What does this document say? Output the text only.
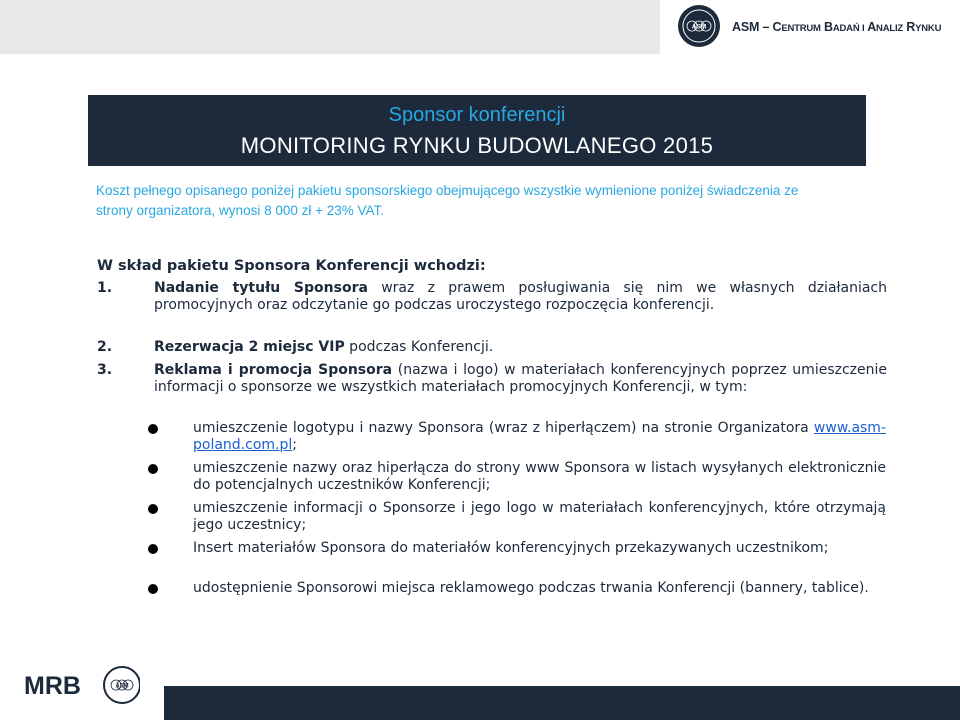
ASM ASM – CENTRUM BADAŃ I ANALIZ RYNKU
Sponsor konferencji
MONITORING RYNKU BUDOWLANEGO 2015
Koszt pełnego opisanego poniżej pakietu sponsorskiego obejmującego wszystkie wymienione poniżej świadczenia ze strony organizatora, wynosi 8 000 zł + 23% VAT.
W skład pakietu Sponsora Konferencji wchodzi:
1.	Nadanie tytułu Sponsora wraz z prawem posługiwania się nim we własnych działaniach promocyjnych oraz odczytanie go podczas uroczystego rozpoczęcia konferencji.
2.	Rezerwacja 2 miejsc VIP podczas Konferencji.
3.	Reklama i promocja Sponsora (nazwa i logo) w materiałach konferencyjnych poprzez umieszczenie informacji o sponsorze we wszystkich materiałach promocyjnych Konferencji, w tym:
umieszczenie logotypu i nazwy Sponsora (wraz z hiperłączem) na stronie Organizatora www.asm-poland.com.pl;
umieszczenie nazwy oraz hiperłącza do strony www Sponsora w listach wysyłanych elektronicznie do potencjalnych uczestników Konferencji;
umieszczenie informacji o Sponsorze i jego logo w materiałach konferencyjnych, które otrzymają jego uczestnicy;
Insert materiałów Sponsora do materiałów konferencyjnych przekazywanych uczestnikom;
udostępnienie Sponsorowi miejsca reklamowego podczas trwania Konferencji (bannery, tablice).
MRB	ASM
